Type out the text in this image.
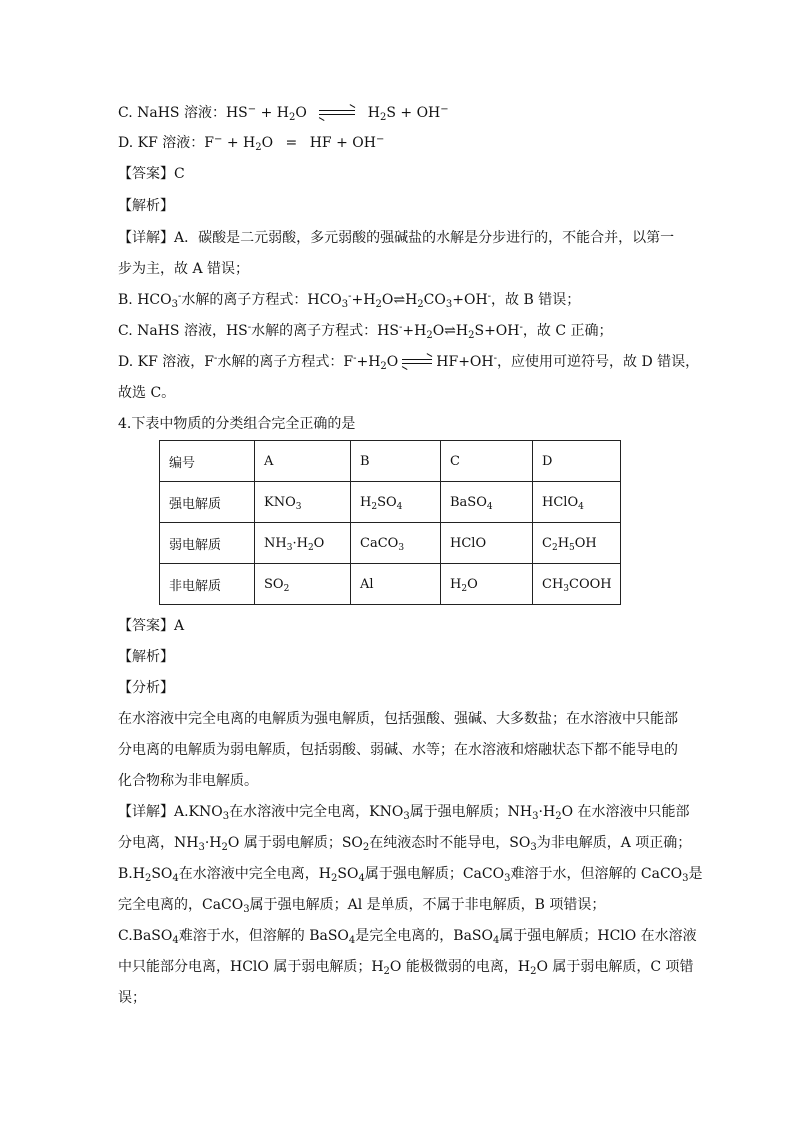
C. NaHS 溶液：$HS^- + H_2O$	$H_2S + OH^-$
D. KF 溶液：$F^- + H_2O$ = HF + OH−
【答案】C
【解析】
【详解】A．碳酸是二元弱酸，多元弱酸的强碱盐的水解是分步进行的，不能合并，以第一
步为主，故 A 错误；
B. $HCO_3^-$水解的离子方程式：$HCO_3^-+H_2O\rightleftharpoons H_2CO_3+OH^-$，故 B 错误；
C. NaHS 溶液，HS-水解的离子方程式：$HS^-+H_2O\rightleftharpoons H_2S+OH^-$，故 C 正确；
D. KF 溶液，F-水解的离子方程式：$F^-+H_2O$	HF+OH-，应使用可逆符号，故 D 错误，
故选 C。
4.下表中物质的分类组合完全正确的是
编号	A	B	C	D
强电解质	$KNO_3$	$H_2SO_4$	BaSO$_4$	HClO$_4$
弱电解质	$NH_3\cdot H_2O$	CaCO$_3$	HClO	$C_2H_5OH$
非电解质	$SO_2$	Al	$H_2O$	$CH_3COOH$
【答案】A
【解析】
【分析】
在水溶液中完全电离的电解质为强电解质，包括强酸、强碱、大多数盐；在水溶液中只能部
分电离的电解质为弱电解质，包括弱酸、弱碱、水等；在水溶液和熔融状态下都不能导电的
化合物称为非电解质。
【详解】$A.KNO_3$在水溶液中完全电离，$KNO_3$属于强电解质；$NH_3\cdot H_2O$ 在水溶液中只能部
分电离，$NH_3\cdot H_2O$ 属于弱电解质；$SO_2$在纯液态时不能导电，$SO_3$为非电解质，A 项正确；
$B.H_2SO_4$在水溶液中完全电离，$H_2SO_4$属于强电解质；CaCO$_3$难溶于水，但溶解的 CaCO$_3$是
完全电离的，CaCO$_3$属于强电解质；Al 是单质，不属于非电解质，B 项错误；
C.BaSO$_4$难溶于水，但溶解的 BaSO$_4$是完全电离的，BaSO$_4$属于强电解质；HClO 在水溶液
中只能部分电离，HClO 属于弱电解质；$H_2O$ 能极微弱的电离，$H_2O$ 属于弱电解质，C 项错
误；
